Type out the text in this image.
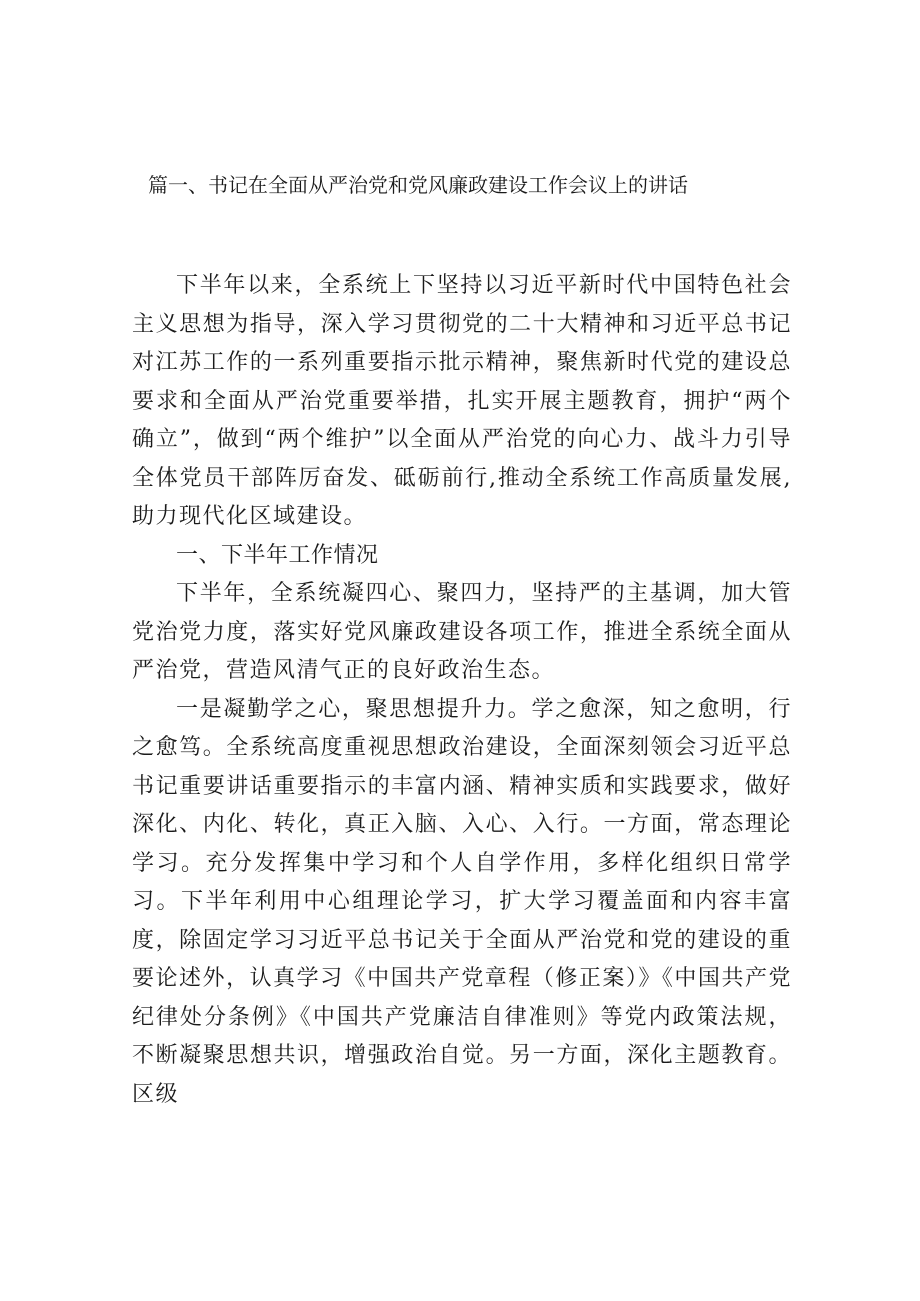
篇一、书记在全面从严治党和党风廉政建设工作会议上的讲话

下半年以来，全系统上下坚持以习近平新时代中国特色社会主义思想为指导，深入学习贯彻党的二十大精神和习近平总书记对江苏工作的一系列重要指示批示精神，聚焦新时代党的建设总要求和全面从严治党重要举措，扎实开展主题教育，拥护“两个确立”，做到“两个维护”以全面从严治党的向心力、战斗力引导全体党员干部阵厉奋发、砥砺前行,推动全系统工作高质量发展,助力现代化区域建设。

一、下半年工作情况

下半年，全系统凝四心、聚四力，坚持严的主基调，加大管党治党力度，落实好党风廉政建设各项工作，推进全系统全面从严治党，营造风清气正的良好政治生态。

一是凝勤学之心，聚思想提升力。学之愈深，知之愈明，行之愈笃。全系统高度重视思想政治建设，全面深刻领会习近平总书记重要讲话重要指示的丰富内涵、精神实质和实践要求，做好深化、内化、转化，真正入脑、入心、入行。一方面，常态理论学习。充分发挥集中学习和个人自学作用，多样化组织日常学习。下半年利用中心组理论学习，扩大学习覆盖面和内容丰富度，除固定学习习近平总书记关于全面从严治党和党的建设的重要论述外，认真学习《中国共产党章程（修正案）》《中国共产党纪律处分条例》《中国共产党廉洁自律准则》等党内政策法规，不断凝聚思想共识，增强政治自觉。另一方面，深化主题教育。区级
